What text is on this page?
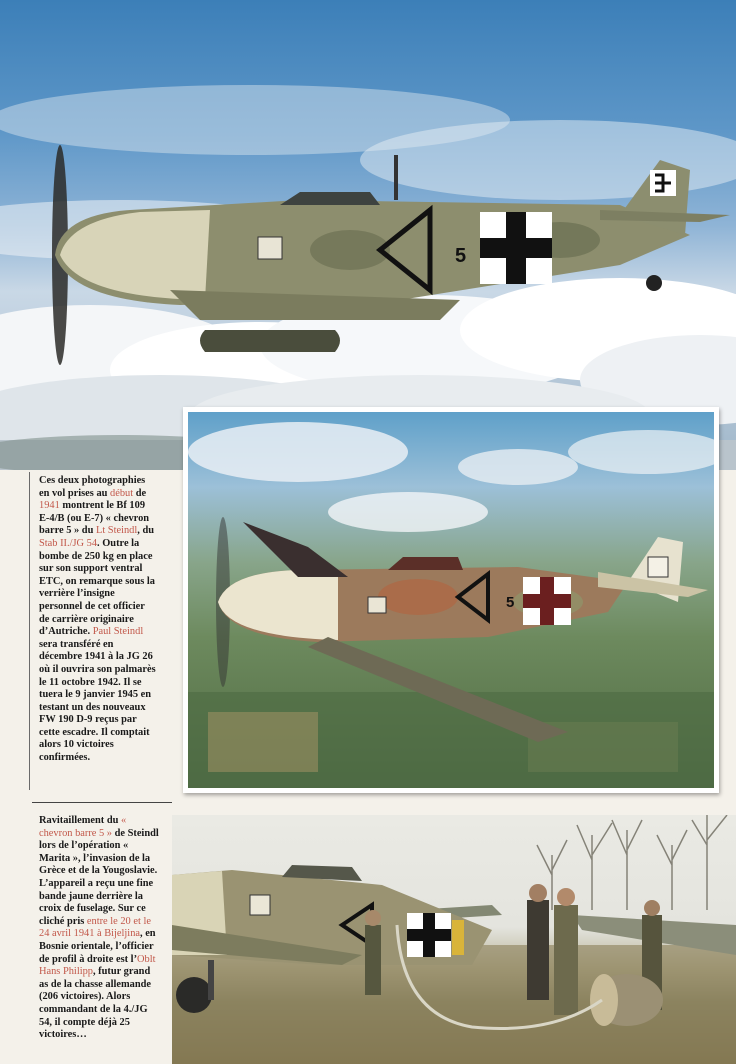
5

Ces deux photographies en vol prises au début de 1941 montrent le Bf 109 E-4/B (ou E-7) « chevron barre 5 » du Lt Steindl, du Stab II./JG 54. Outre la bombe de 250 kg en place sur son support ventral ETC, on remarque sous la verrière l’insigne personnel de cet officier de carrière originaire d’Autriche. Paul Steindl sera transféré en décembre 1941 à la JG 26 où il ouvrira son palmarès le 11 octobre 1942. Il se tuera le 9 janvier 1945 en testant un des nouveaux FW 190 D-9 reçus par cette escadre. Il comptait alors 10 victoires confirmées.

5

Ravitaillement du « chevron barre 5 » de Steindl lors de l’opération « Marita », l’invasion de la Grèce et de la Yougoslavie. L’appareil a reçu une fine bande jaune derrière la croix de fuselage. Sur ce cliché pris entre le 20 et le 24 avril 1941 à Bijeljina, en Bosnie orientale, l’officier de profil à droite est l’Oblt Hans Philipp, futur grand as de la chasse allemande (206 victoires). Alors commandant de la 4./JG 54, il compte déjà 25 victoires…
